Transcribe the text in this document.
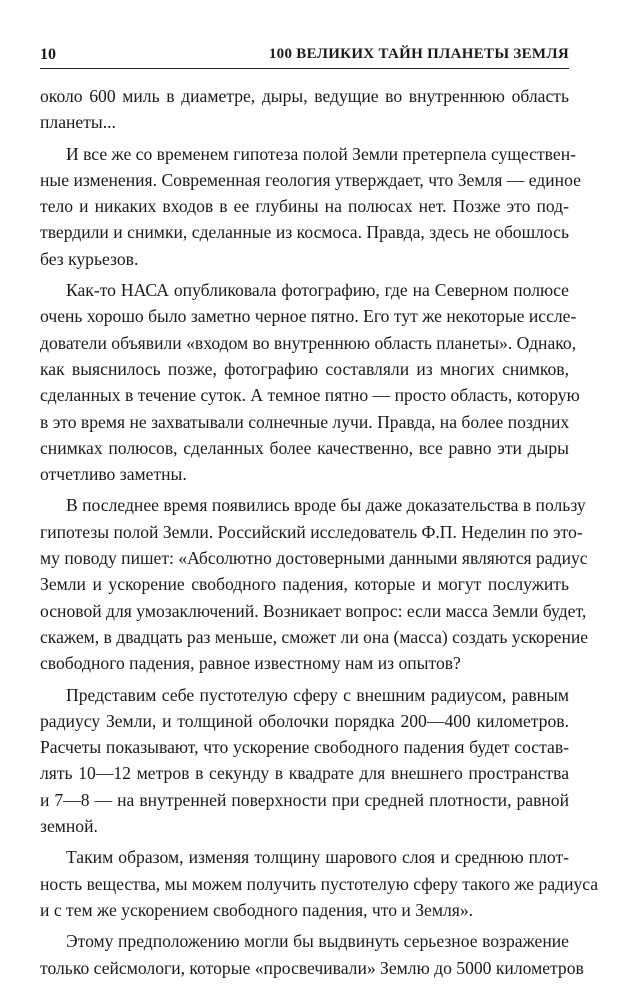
10	100 ВЕЛИКИХ ТАЙН ПЛАНЕТЫ ЗЕМЛЯ
около 600 миль в диаметре, дыры, ведущие во внутреннюю область
планеты...
И все же со временем гипотеза полой Земли претерпела существен-
ные изменения. Современная геология утверждает, что Земля — единое
тело и никаких входов в ее глубины на полюсах нет. Позже это под-
твердили и снимки, сделанные из космоса. Правда, здесь не обошлось
без курьезов.
Как-то НАСА опубликовала фотографию, где на Северном полюсе
очень хорошо было заметно черное пятно. Его тут же некоторые иссле-
дователи объявили «входом во внутреннюю область планеты». Однако,
как выяснилось позже, фотографию составляли из многих снимков,
сделанных в течение суток. А темное пятно — просто область, которую
в это время не захватывали солнечные лучи. Правда, на более поздних
снимках полюсов, сделанных более качественно, все равно эти дыры
отчетливо заметны.
В последнее время появились вроде бы даже доказательства в пользу
гипотезы полой Земли. Российский исследователь Ф.П. Неделин по это-
му поводу пишет: «Абсолютно достоверными данными являются радиус
Земли и ускорение свободного падения, которые и могут послужить
основой для умозаключений. Возникает вопрос: если масса Земли будет,
скажем, в двадцать раз меньше, сможет ли она (масса) создать ускорение
свободного падения, равное известному нам из опытов?
Представим себе пустотелую сферу с внешним радиусом, равным
радиусу Земли, и толщиной оболочки порядка 200—400 километров.
Расчеты показывают, что ускорение свободного падения будет состав-
лять 10—12 метров в секунду в квадрате для внешнего пространства
и 7—8 — на внутренней поверхности при средней плотности, равной
земной.
Таким образом, изменяя толщину шарового слоя и среднюю плот-
ность вещества, мы можем получить пустотелую сферу такого же радиуса
и с тем же ускорением свободного падения, что и Земля».
Этому предположению могли бы выдвинуть серьезное возражение
только сейсмологи, которые «просвечивали» Землю до 5000 километров
